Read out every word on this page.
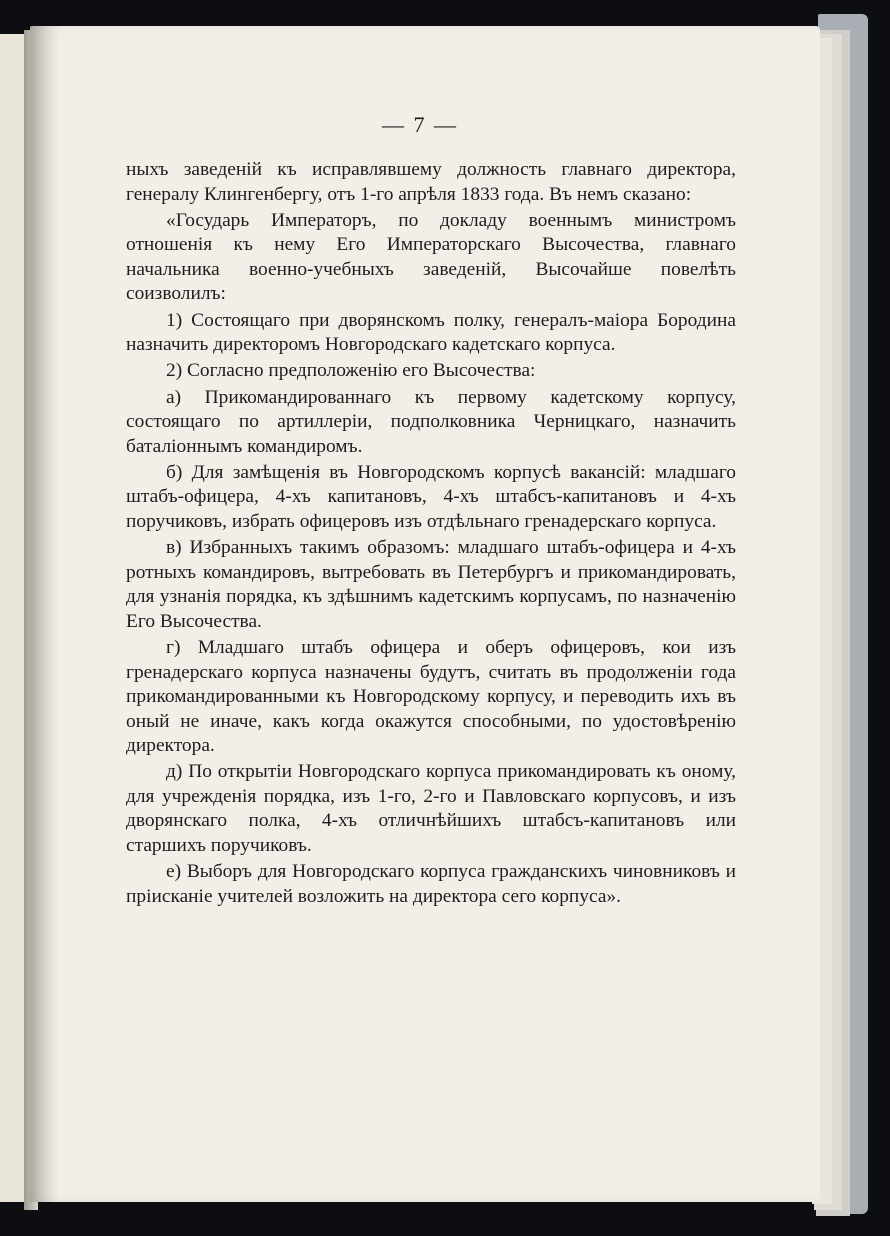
— 7 —

ныхъ заведеній къ исправлявшему должность главнаго директора, генералу Клингенбергу, отъ 1-го апрѣля 1833 года. Въ немъ сказано:

«Государь Императоръ, по докладу военнымъ министромъ отношенія къ нему Его Императорскаго Высочества, главнаго начальника военно-учебныхъ заведеній, Высочайше повелѣть соизволилъ:

1) Состоящаго при дворянскомъ полку, генералъ-маіора Бородина назначить директоромъ Новгородскаго кадетскаго корпуса.

2) Согласно предположенію его Высочества:

а) Прикомандированнаго къ первому кадетскому корпусу, состоящаго по артиллеріи, подполковника Черницкаго, назначить баталіоннымъ командиромъ.

б) Для замѣщенія въ Новгородскомъ корпусѣ вакансій: младшаго штабъ-офицера, 4-хъ капитановъ, 4-хъ штабсъ-капитановъ и 4-хъ поручиковъ, избрать офицеровъ изъ отдѣльнаго гренадерскаго корпуса.

в) Избранныхъ такимъ образомъ: младшаго штабъ-офицера и 4-хъ ротныхъ командировъ, вытребовать въ Петербургъ и прикомандировать, для узнанія порядка, къ здѣшнимъ кадетскимъ корпусамъ, по назначенію Его Высочества.

г) Младшаго штабъ офицера и оберъ офицеровъ, кои изъ гренадерскаго корпуса назначены будутъ, считать въ продолженіи года прикомандированными къ Новгородскому корпусу, и переводить ихъ въ оный не иначе, какъ когда окажутся способными, по удостовѣренію директора.

д) По открытіи Новгородскаго корпуса прикомандировать къ оному, для учрежденія порядка, изъ 1-го, 2-го и Павловскаго корпусовъ, и изъ дворянскаго полка, 4-хъ отличнѣйшихъ штабсъ-капитановъ или старшихъ поручиковъ.

е) Выборъ для Новгородскаго корпуса гражданскихъ чиновниковъ и пріисканіе учителей возложить на директора сего корпуса».
